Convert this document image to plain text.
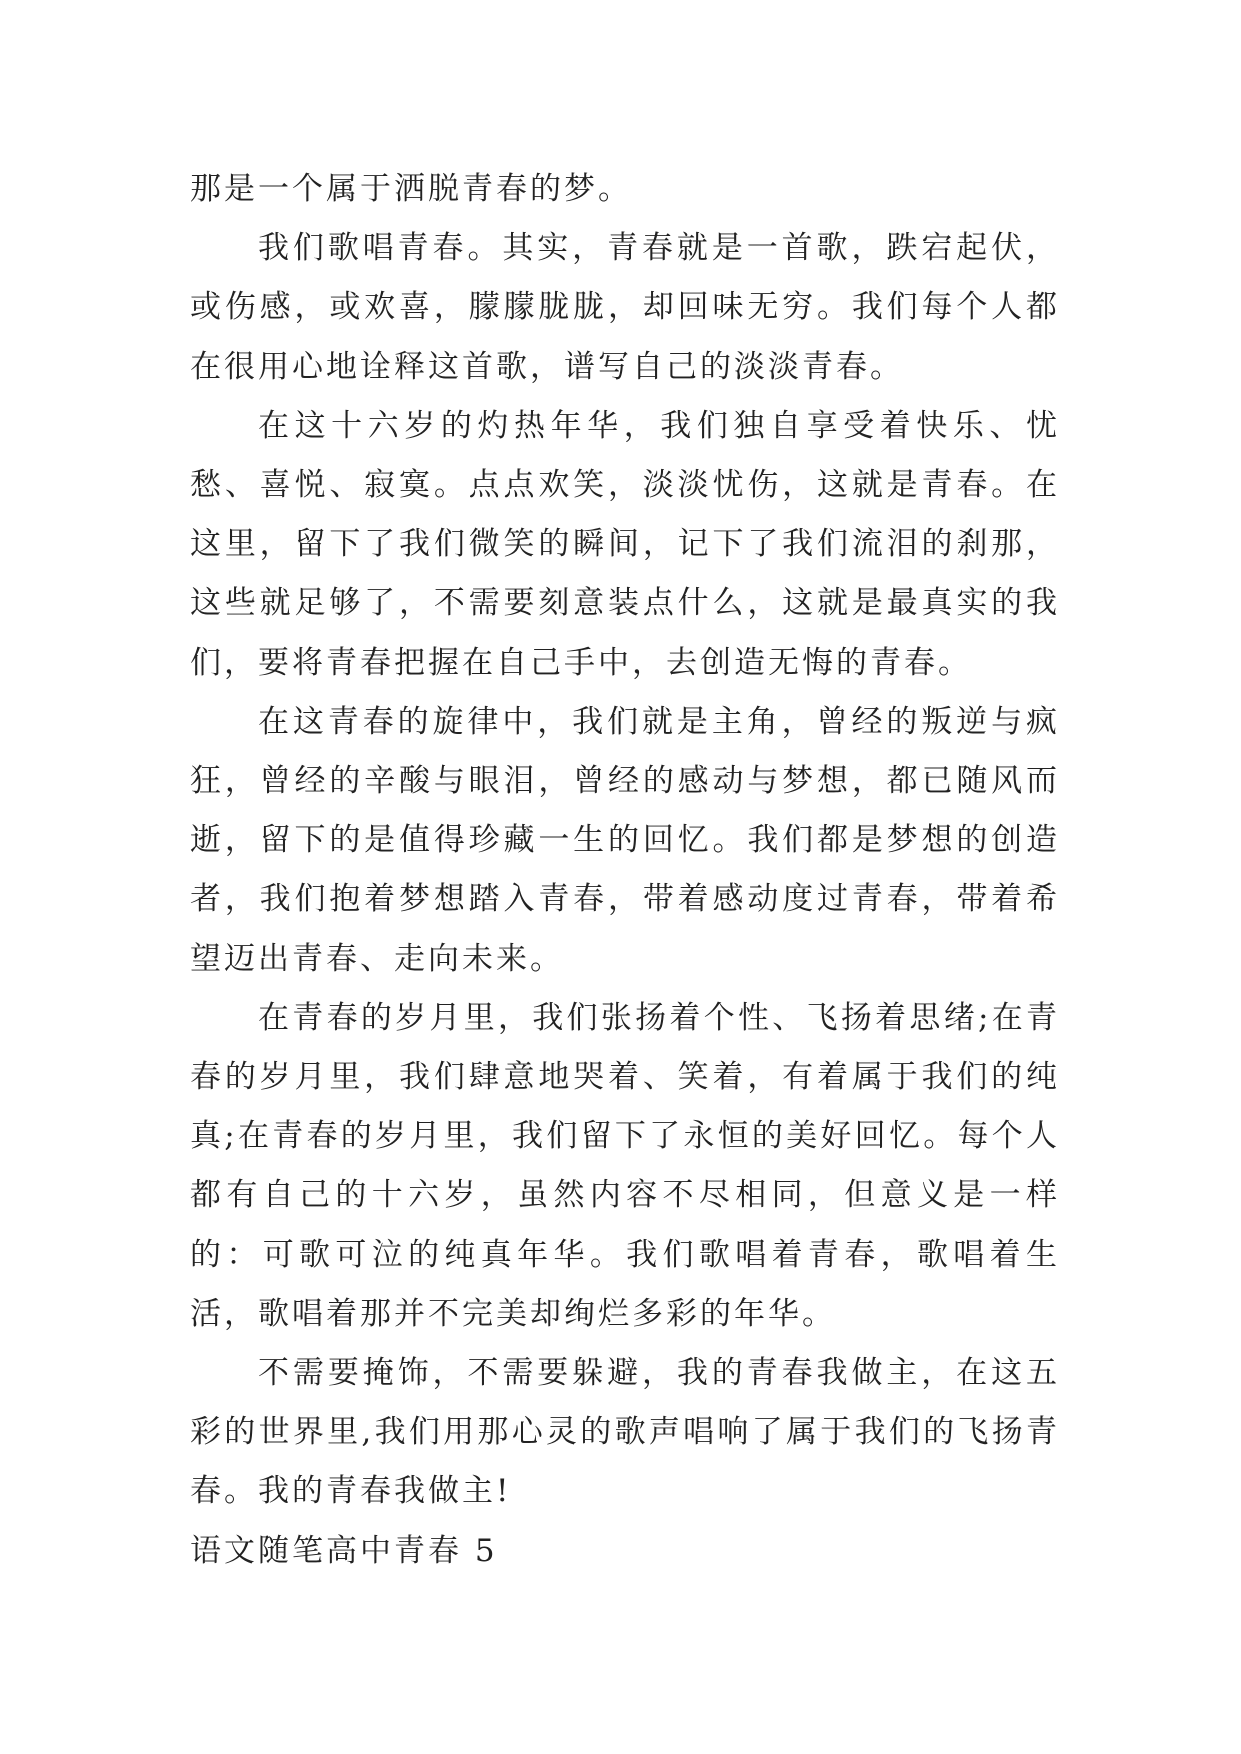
那是一个属于洒脱青春的梦。

我们歌唱青春。其实，青春就是一首歌，跌宕起伏，或伤感，或欢喜，朦朦胧胧，却回味无穷。我们每个人都在很用心地诠释这首歌，谱写自己的淡淡青春。

在这十六岁的灼热年华，我们独自享受着快乐、忧愁、喜悦、寂寞。点点欢笑，淡淡忧伤，这就是青春。在这里，留下了我们微笑的瞬间，记下了我们流泪的刹那，这些就足够了，不需要刻意装点什么，这就是最真实的我们，要将青春把握在自己手中，去创造无悔的青春。

在这青春的旋律中，我们就是主角，曾经的叛逆与疯狂，曾经的辛酸与眼泪，曾经的感动与梦想，都已随风而逝，留下的是值得珍藏一生的回忆。我们都是梦想的创造者，我们抱着梦想踏入青春，带着感动度过青春，带着希望迈出青春、走向未来。

在青春的岁月里，我们张扬着个性、飞扬着思绪;在青春的岁月里，我们肆意地哭着、笑着，有着属于我们的纯真;在青春的岁月里，我们留下了永恒的美好回忆。每个人都有自己的十六岁，虽然内容不尽相同，但意义是一样的：可歌可泣的纯真年华。我们歌唱着青春，歌唱着生活，歌唱着那并不完美却绚烂多彩的年华。

不需要掩饰，不需要躲避，我的青春我做主，在这五彩的世界里,我们用那心灵的歌声唱响了属于我们的飞扬青春。我的青春我做主!

语文随笔高中青春 5
